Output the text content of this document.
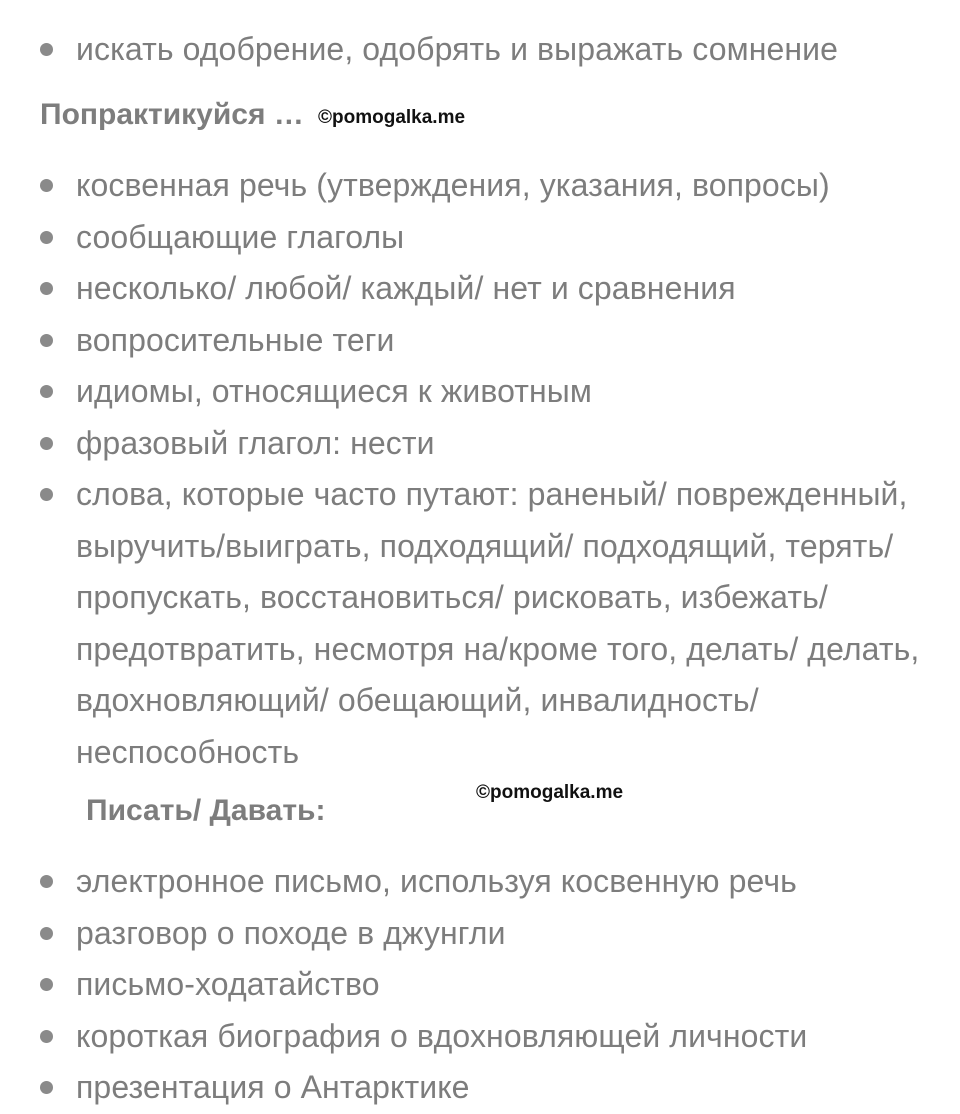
искать одобрение, одобрять и выражать сомнение
Попрактикуйся … ©pomogalka.me
косвенная речь (утверждения, указания, вопросы)
сообщающие глаголы
несколько/ любой/ каждый/ нет и сравнения
вопросительные теги
идиомы, относящиеся к животным
фразовый глагол: нести
слова, которые часто путают: раненый/ поврежденный, выручить/выиграть, подходящий/ подходящий, терять/ пропускать, восстановиться/ рисковать, избежать/ предотвратить, несмотря на/кроме того, делать/ делать, вдохновляющий/ обещающий, инвалидность/ неспособность
Писать/ Давать:
©pomogalka.me
электронное письмо, используя косвенную речь
разговор о походе в джунгли
письмо-ходатайство
короткая биография о вдохновляющей личности
презентация о Антарктике
